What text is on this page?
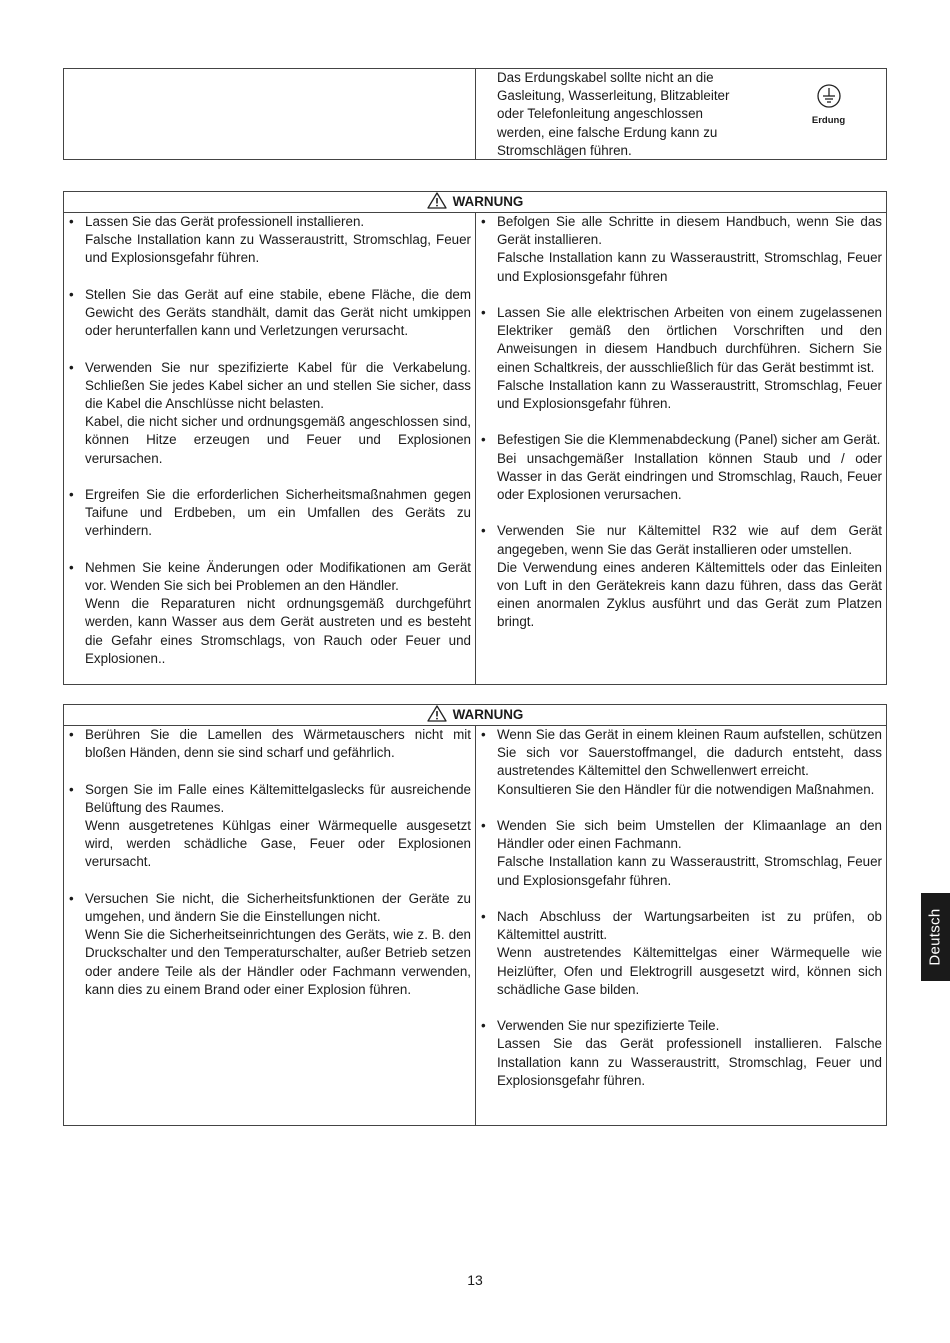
Das Erdungskabel sollte nicht an die
Gasleitung, Wasserleitung, Blitzableiter
oder Telefonleitung angeschlossen
werden, eine falsche Erdung kann zu
Stromschlägen führen.
Erdung
WARNUNG
• Lassen Sie das Gerät professionell installieren.
Falsche Installation kann zu Wasseraustritt, Stromschlag, Feuer und Explosionsgefahr führen.
• Stellen Sie das Gerät auf eine stabile, ebene Fläche, die dem Gewicht des Geräts standhält, damit das Gerät nicht umkippen oder herunterfallen kann und Verletzungen verursacht.
• Verwenden Sie nur spezifizierte Kabel für die Verkabelung. Schließen Sie jedes Kabel sicher an und stellen Sie sicher, dass die Kabel die Anschlüsse nicht belasten.
Kabel, die nicht sicher und ordnungsgemäß angeschlossen sind, können Hitze erzeugen und Feuer und Explosionen verursachen.
• Ergreifen Sie die erforderlichen Sicherheitsmaßnahmen gegen Taifune und Erdbeben, um ein Umfallen des Geräts zu verhindern.
• Nehmen Sie keine Änderungen oder Modifikationen am Gerät vor. Wenden Sie sich bei Problemen an den Händler.
Wenn die Reparaturen nicht ordnungsgemäß durchgeführt werden, kann Wasser aus dem Gerät austreten und es besteht die Gefahr eines Stromschlags, von Rauch oder Feuer und Explosionen..
• Befolgen Sie alle Schritte in diesem Handbuch, wenn Sie das Gerät installieren.
Falsche Installation kann zu Wasseraustritt, Stromschlag, Feuer und Explosionsgefahr führen
• Lassen Sie alle elektrischen Arbeiten von einem zugelassenen Elektriker gemäß den örtlichen Vorschriften und den Anweisungen in diesem Handbuch durchführen. Sichern Sie einen Schaltkreis, der ausschließlich für das Gerät bestimmt ist.
Falsche Installation kann zu Wasseraustritt, Stromschlag, Feuer und Explosionsgefahr führen.
• Befestigen Sie die Klemmenabdeckung (Panel) sicher am Gerät.
Bei unsachgemäßer Installation können Staub und / oder Wasser in das Gerät eindringen und Stromschlag, Rauch, Feuer oder Explosionen verursachen.
• Verwenden Sie nur Kältemittel R32 wie auf dem Gerät angegeben, wenn Sie das Gerät installieren oder umstellen.
Die Verwendung eines anderen Kältemittels oder das Einleiten von Luft in den Gerätekreis kann dazu führen, dass das Gerät einen anormalen Zyklus ausführt und das Gerät zum Platzen bringt.
WARNUNG
• Berühren Sie die Lamellen des Wärmetauschers nicht mit bloßen Händen, denn sie sind scharf und gefährlich.
• Sorgen Sie im Falle eines Kältemittelgaslecks für ausreichende Belüftung des Raumes.
Wenn ausgetretenes Kühlgas einer Wärmequelle ausgesetzt wird, werden schädliche Gase, Feuer oder Explosionen verursacht.
• Versuchen Sie nicht, die Sicherheitsfunktionen der Geräte zu umgehen, und ändern Sie die Einstellungen nicht.
Wenn Sie die Sicherheitseinrichtungen des Geräts, wie z. B. den Druckschalter und den Temperaturschalter, außer Betrieb setzen oder andere Teile als der Händler oder Fachmann verwenden, kann dies zu einem Brand oder einer Explosion führen.
• Wenn Sie das Gerät in einem kleinen Raum aufstellen, schützen Sie sich vor Sauerstoffmangel, die dadurch entsteht, dass austretendes Kältemittel den Schwellenwert erreicht.
Konsultieren Sie den Händler für die notwendigen Maßnahmen.
• Wenden Sie sich beim Umstellen der Klimaanlage an den Händler oder einen Fachmann.
Falsche Installation kann zu Wasseraustritt, Stromschlag, Feuer und Explosionsgefahr führen.
• Nach Abschluss der Wartungsarbeiten ist zu prüfen, ob Kältemittel austritt.
Wenn austretendes Kältemittelgas einer Wärmequelle wie Heizlüfter, Ofen und Elektrogrill ausgesetzt wird, können sich schädliche Gase bilden.
• Verwenden Sie nur spezifizierte Teile.
Lassen Sie das Gerät professionell installieren. Falsche Installation kann zu Wasseraustritt, Stromschlag, Feuer und Explosionsgefahr führen.
Deutsch
13
